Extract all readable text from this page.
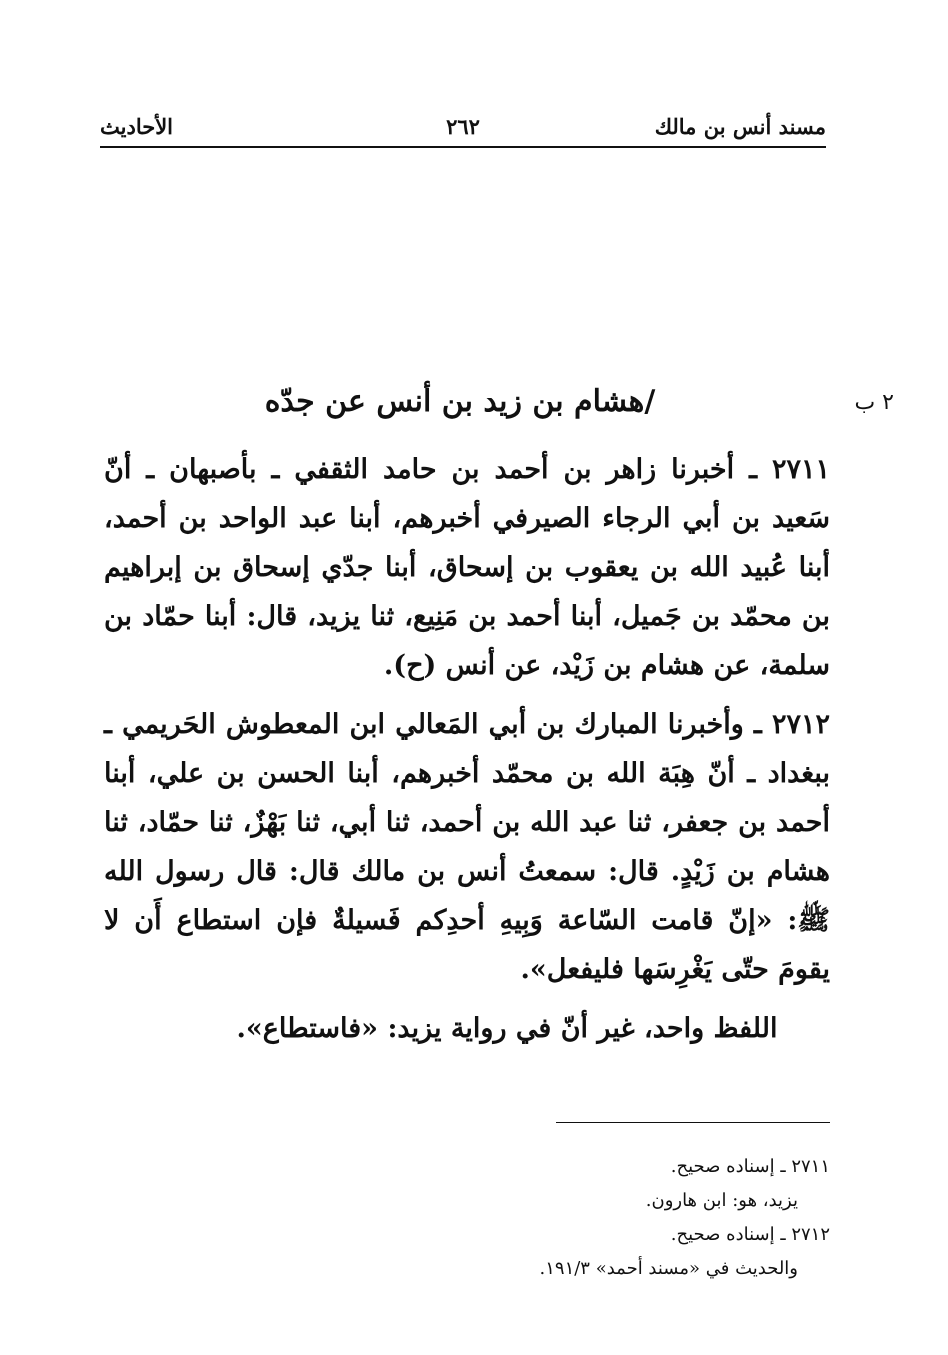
مسند أنس بن مالك
٢٦٢
الأحاديث
٢ ب
/هشام بن زيد بن أنس عن جدّه

٢٧١١ ـ أخبرنا زاهر بن أحمد بن حامد الثقفي ـ بأصبهان ـ أنّ سَعيد بن أبي الرجاء الصيرفي أخبرهم، أبنا عبد الواحد بن أحمد، أبنا عُبيد الله بن يعقوب بن إسحاق، أبنا جدّي إسحاق بن إبراهيم بن محمّد بن جَميل، أبنا أحمد بن مَنِيع، ثنا يزيد، قال: أبنا حمّاد بن سلمة، عن هشام بن زَيْد، عن أنس (ح).

٢٧١٢ ـ وأخبرنا المبارك بن أبي المَعالي ابن المعطوش الحَريمي ـ ببغداد ـ أنّ هِبَة الله بن محمّد أخبرهم، أبنا الحسن بن علي، أبنا أحمد بن جعفر، ثنا عبد الله بن أحمد، ثنا أبي، ثنا بَهْزٌ، ثنا حمّاد، ثنا هشام بن زَيْدٍ. قال: سمعتُ أنس بن مالك قال: قال رسول الله ﷺ: «إنّ قامت السّاعة وَبِيهِ أحدِكم فَسيلةٌ فإن استطاع أَن لا يقومَ حتّى يَغْرِسَها فليفعل».

اللفظ واحد، غير أنّ في رواية يزيد: «فاستطاع».

٢٧١١ ـ إسناده صحيح.
يزيد، هو: ابن هارون.
٢٧١٢ ـ إسناده صحيح.
والحديث في «مسند أحمد» ١٩١/٣.
